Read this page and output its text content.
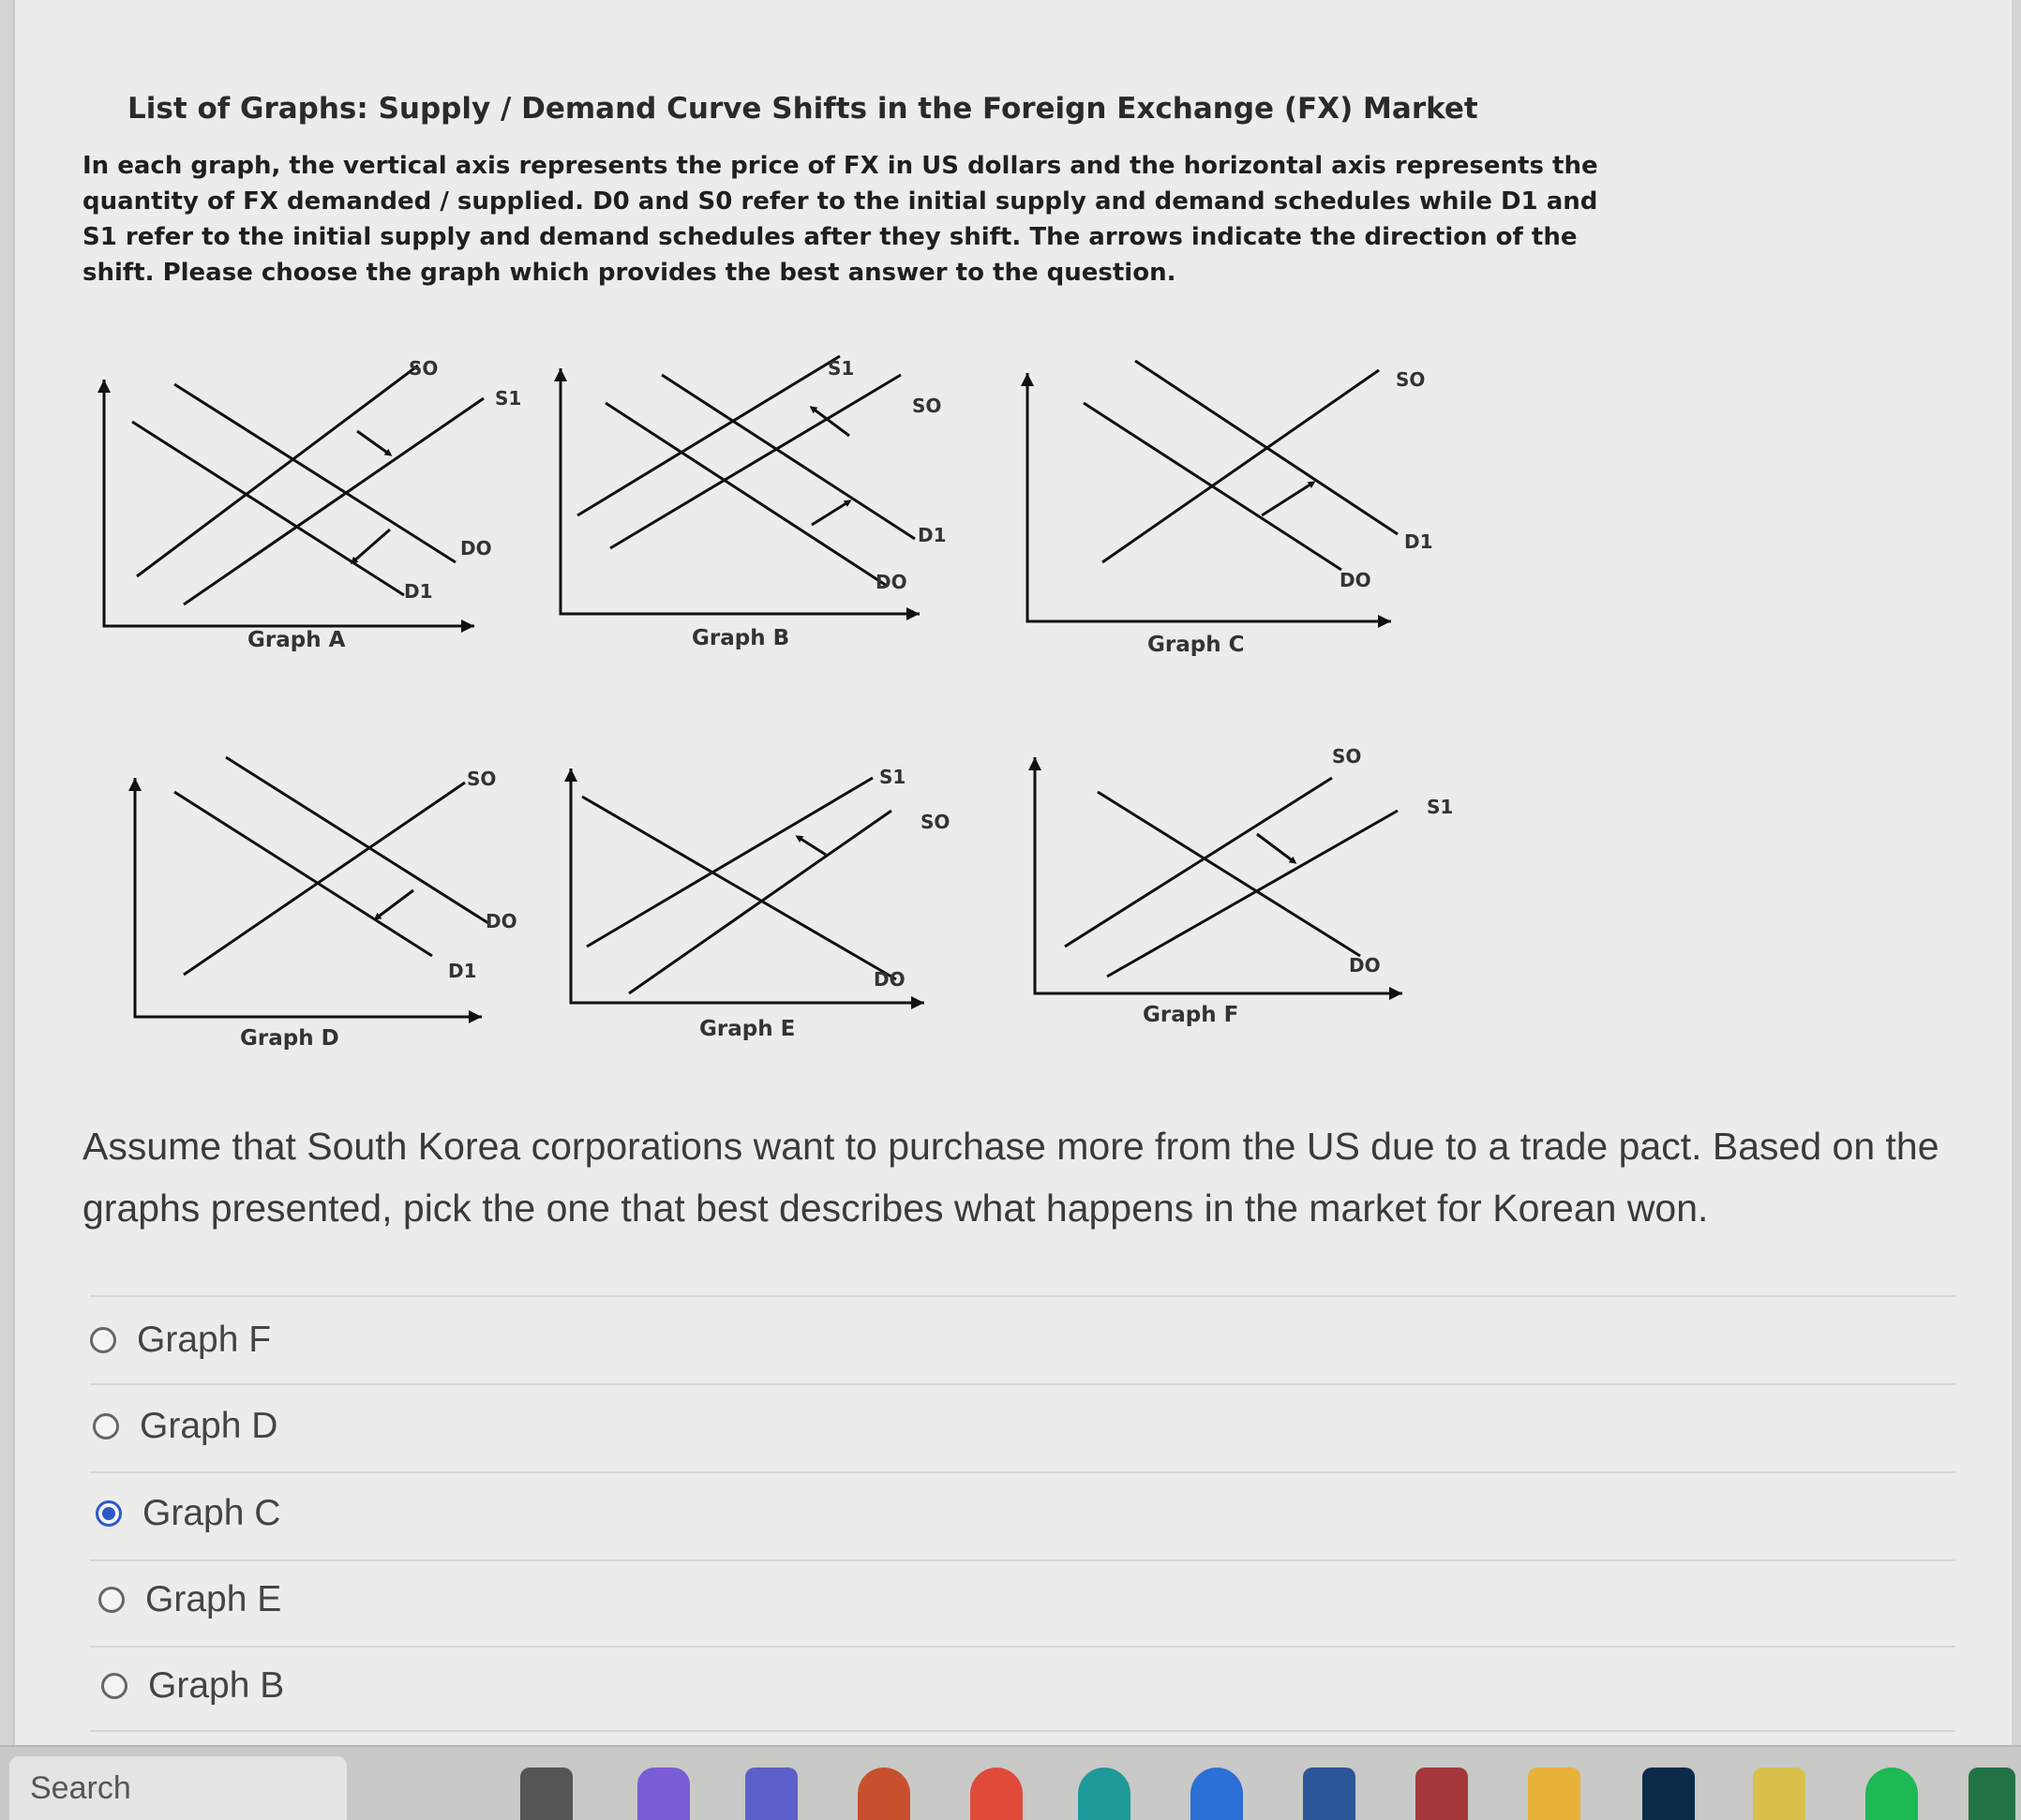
List of Graphs: Supply / Demand Curve Shifts in the Foreign Exchange (FX) Market
In each graph, the vertical axis represents the price of FX in US dollars and the horizontal axis represents the quantity of FX demanded / supplied. D0 and S0 refer to the initial supply and demand schedules while D1 and S1 refer to the initial supply and demand schedules after they shift. The arrows indicate the direction of the shift. Please choose the graph which provides the best answer to the question.
SO
S1
DO
D1
Graph A
S1
SO
D1
DO
Graph B
SO
D1
DO
Graph C
SO
DO
D1
Graph D
S1
SO
DO
Graph E
SO
S1
DO
Graph F
Assume that South Korea corporations want to purchase more from the US due to a trade pact. Based on the graphs presented, pick the one that best describes what happens in the market for Korean won.
Graph F
Graph D
Graph C
Graph E
Graph B
Search
